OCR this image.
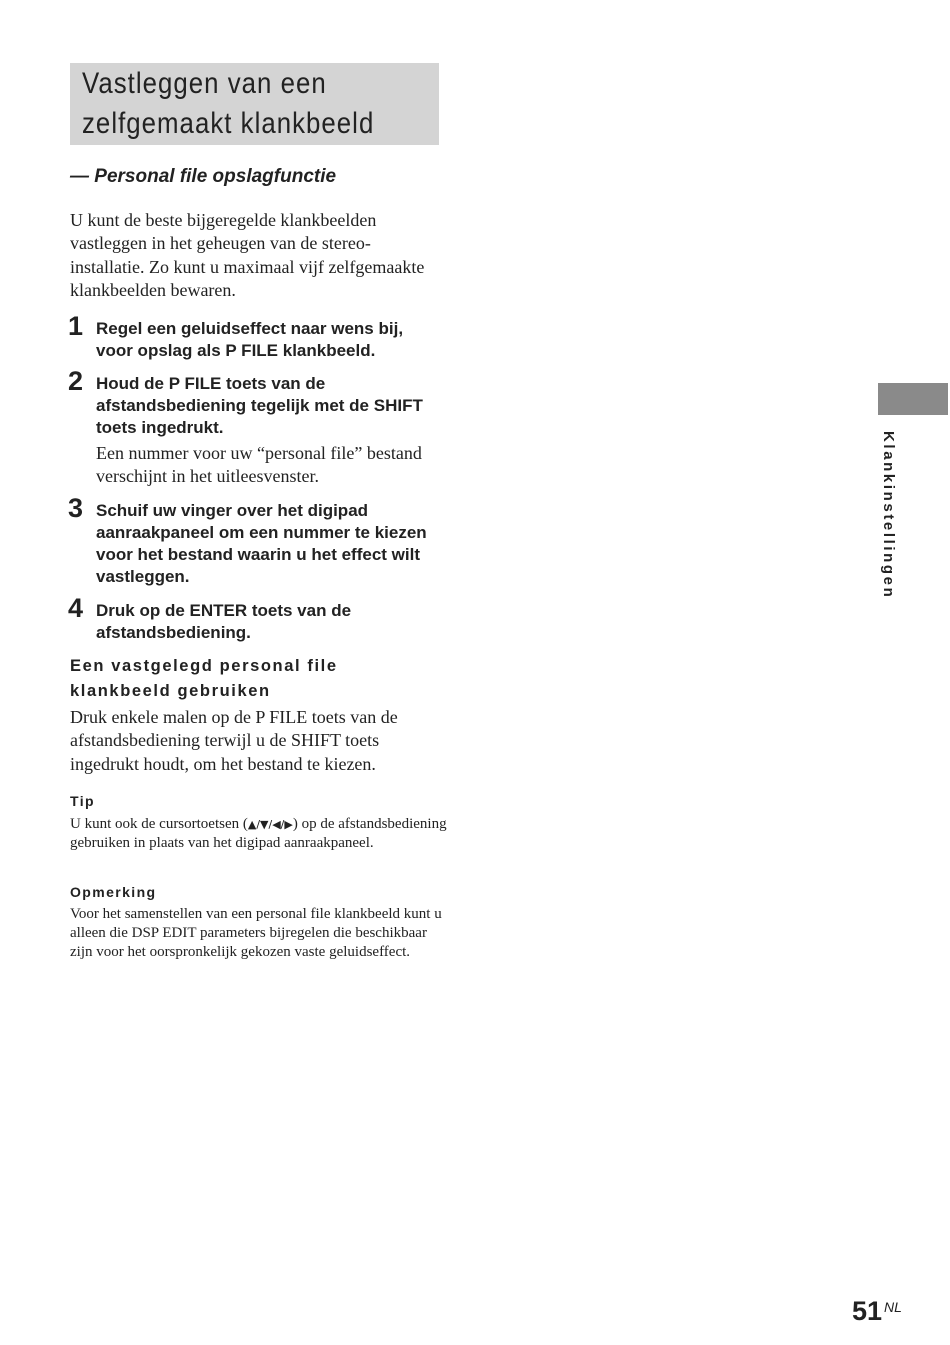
Vastleggen van een
zelfgemaakt klankbeeld
— Personal file opslagfunctie
U kunt de beste bijgeregelde klankbeelden vastleggen in het geheugen van de stereo-installatie. Zo kunt u maximaal vijf zelfgemaakte klankbeelden bewaren.
1 Regel een geluidseffect naar wens bij, voor opslag als P FILE klankbeeld.
2 Houd de P FILE toets van de afstandsbediening tegelijk met de SHIFT toets ingedrukt.
Een nummer voor uw “personal file” bestand verschijnt in het uitleesvenster.
3 Schuif uw vinger over het digipad aanraakpaneel om een nummer te kiezen voor het bestand waarin u het effect wilt vastleggen.
4 Druk op de ENTER toets van de afstandsbediening.
Een vastgelegd personal file klankbeeld gebruiken
Druk enkele malen op de P FILE toets van de afstandsbediening terwijl u de SHIFT toets ingedrukt houdt, om het bestand te kiezen.
Tip
U kunt ook de cursortoetsen (▲/▼/◀/▶) op de afstandsbediening gebruiken in plaats van het digipad aanraakpaneel.
Opmerking
Voor het samenstellen van een personal file klankbeeld kunt u alleen die DSP EDIT parameters bijregelen die beschikbaar zijn voor het oorspronkelijk gekozen vaste geluidseffect.
Klankinstellingen
51 NL
